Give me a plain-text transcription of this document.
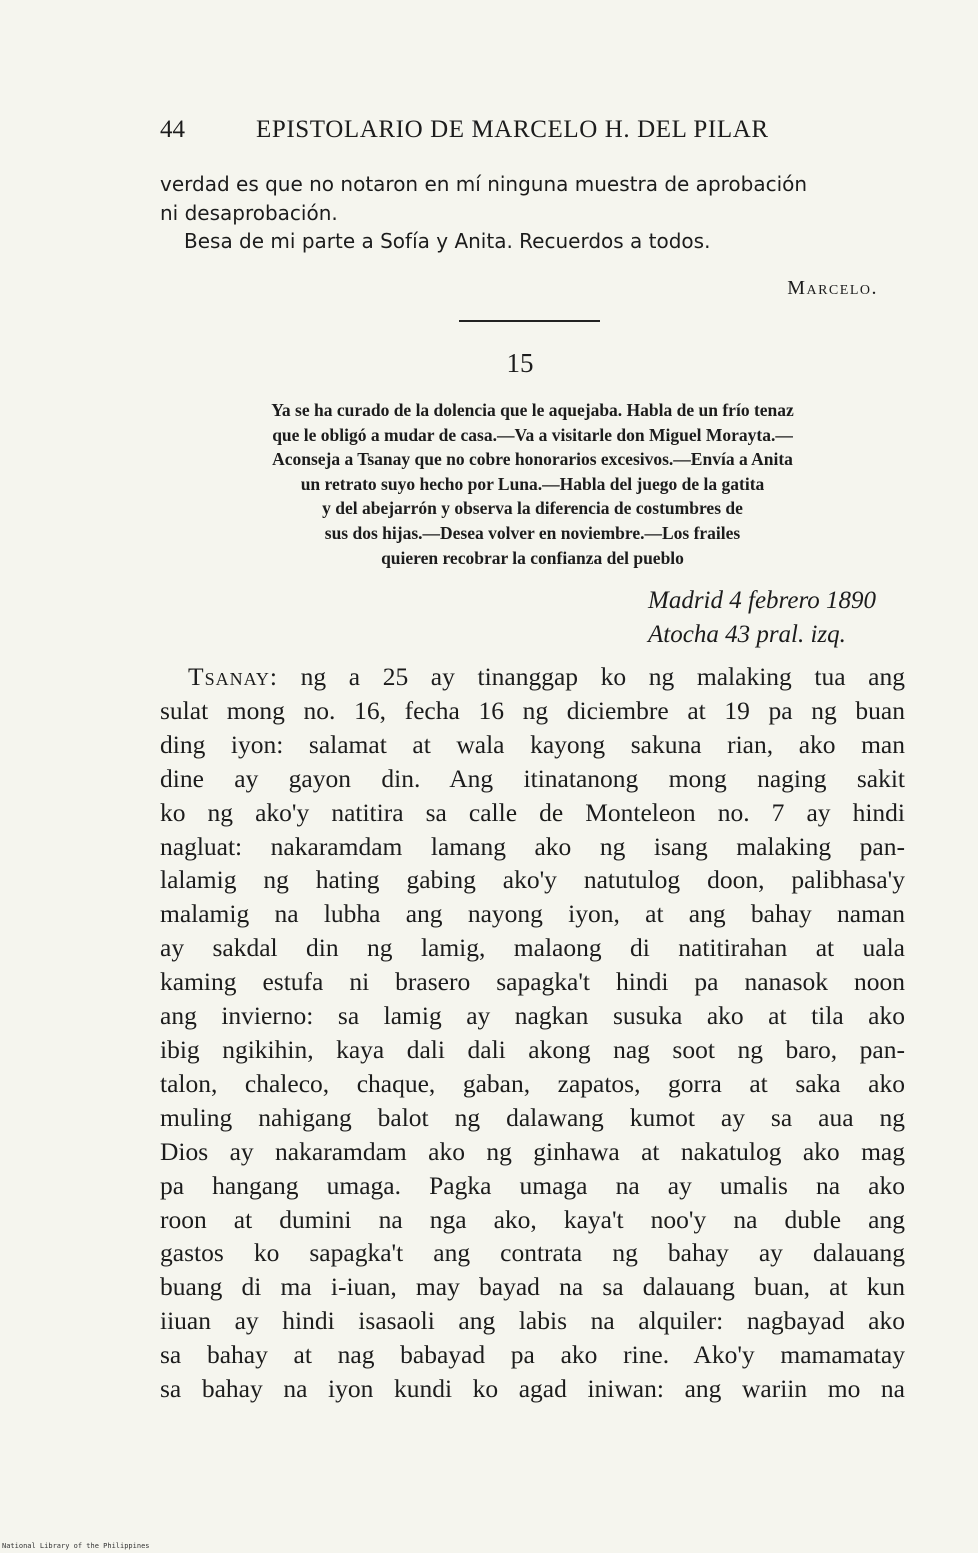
44	EPISTOLARIO DE MARCELO H. DEL PILAR

verdad es que no notaron en mí ninguna muestra de aprobación

ni desaprobación.

Besa de mi parte a Sofía y Anita. Recuerdos a todos.

Marcelo.
15
Ya se ha curado de la dolencia que le aquejaba. Habla de un frío tenaz
que le obligó a mudar de casa.—Va a visitarle don Miguel Morayta.—
Aconseja a Tsanay que no cobre honorarios excesivos.—Envía a Anita
un retrato suyo hecho por Luna.—Habla del juego de la gatita
y del abejarrón y observa la diferencia de costumbres de
sus dos hijas.—Desea volver en noviembre.—Los frailes
quieren recobrar la confianza del pueblo
Madrid 4 febrero 1890
Atocha 43 pral. izq.
Tsanay: ng a 25 ay tinanggap ko ng malaking tua ang
sulat mong no. 16, fecha 16 ng diciembre at 19 pa ng buan
ding iyon: salamat at wala kayong sakuna rian, ako man
dine ay gayon din. Ang itinatanong mong naging sakit
ko ng ako'y natitira sa calle de Monteleon no. 7 ay hindi
nagluat: nakaramdam lamang ako ng isang malaking pan-
lalamig ng hating gabing ako'y natutulog doon, palibhasa'y
malamig na lubha ang nayong iyon, at ang bahay naman
ay sakdal din ng lamig, malaong di natitirahan at uala
kaming estufa ni brasero sapagka't hindi pa nanasok noon
ang invierno: sa lamig ay nagkan susuka ako at tila ako
ibig ngikihin, kaya dali dali akong nag soot ng baro, pan-
talon, chaleco, chaque, gaban, zapatos, gorra at saka ako
muling nahigang balot ng dalawang kumot ay sa aua ng
Dios ay nakaramdam ako ng ginhawa at nakatulog ako mag
pa hangang umaga. Pagka umaga na ay umalis na ako
roon at dumini na nga ako, kaya't noo'y na duble ang
gastos ko sapagka't ang contrata ng bahay ay dalauang
buang di ma i-iuan, may bayad na sa dalauang buan, at kun
iiuan ay hindi isasaoli ang labis na alquiler: nagbayad ako
sa bahay at nag babayad pa ako rine. Ako'y mamamatay
sa bahay na iyon kundi ko agad iniwan: ang wariin mo na
National Library of the Philippines
